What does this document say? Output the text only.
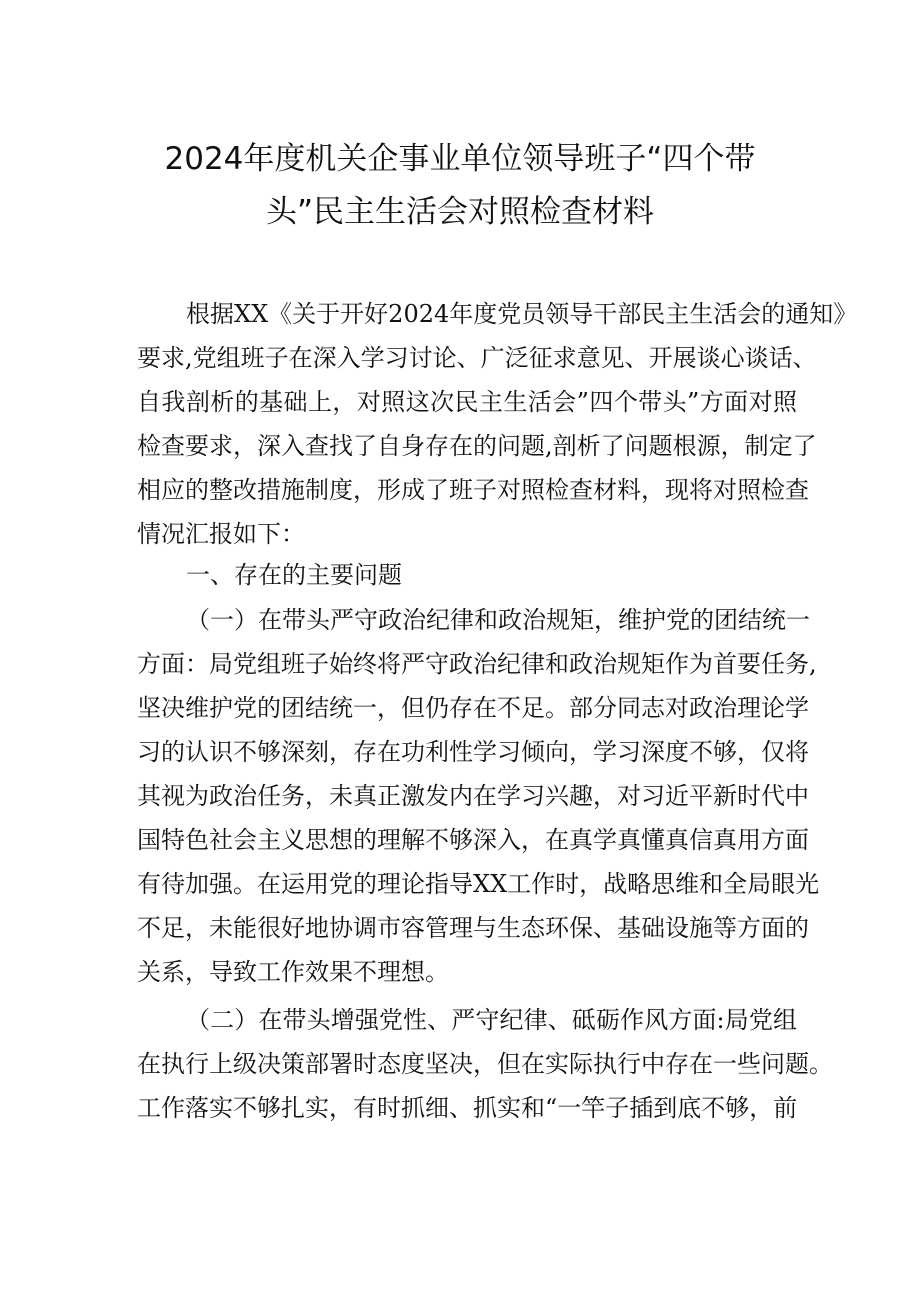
2024年度机关企事业单位领导班子“四个带
头”民主生活会对照检查材料

根据XX《关于开好2024年度党员领导干部民主生活会的通知》

要求,党组班子在深入学习讨论、广泛征求意见、开展谈心谈话、

自我剖析的基础上，对照这次民主生活会”四个带头”方面对照

检查要求，深入查找了自身存在的问题,剖析了问题根源，制定了

相应的整改措施制度，形成了班子对照检查材料，现将对照检查

情况汇报如下：

一、存在的主要问题

（一）在带头严守政治纪律和政治规矩，维护党的团结统一

方面：局党组班子始终将严守政治纪律和政治规矩作为首要任务,

坚决维护党的团结统一，但仍存在不足。部分同志对政治理论学

习的认识不够深刻，存在功利性学习倾向，学习深度不够，仅将

其视为政治任务，未真正激发内在学习兴趣，对习近平新时代中

国特色社会主义思想的理解不够深入，在真学真懂真信真用方面

有待加强。在运用党的理论指导XX工作时，战略思维和全局眼光

不足，未能很好地协调市容管理与生态环保、基础设施等方面的

关系，导致工作效果不理想。

（二）在带头增强党性、严守纪律、砥砺作风方面:局党组

在执行上级决策部署时态度坚决，但在实际执行中存在一些问题。

工作落实不够扎实，有时抓细、抓实和“一竿子插到底不够，前
